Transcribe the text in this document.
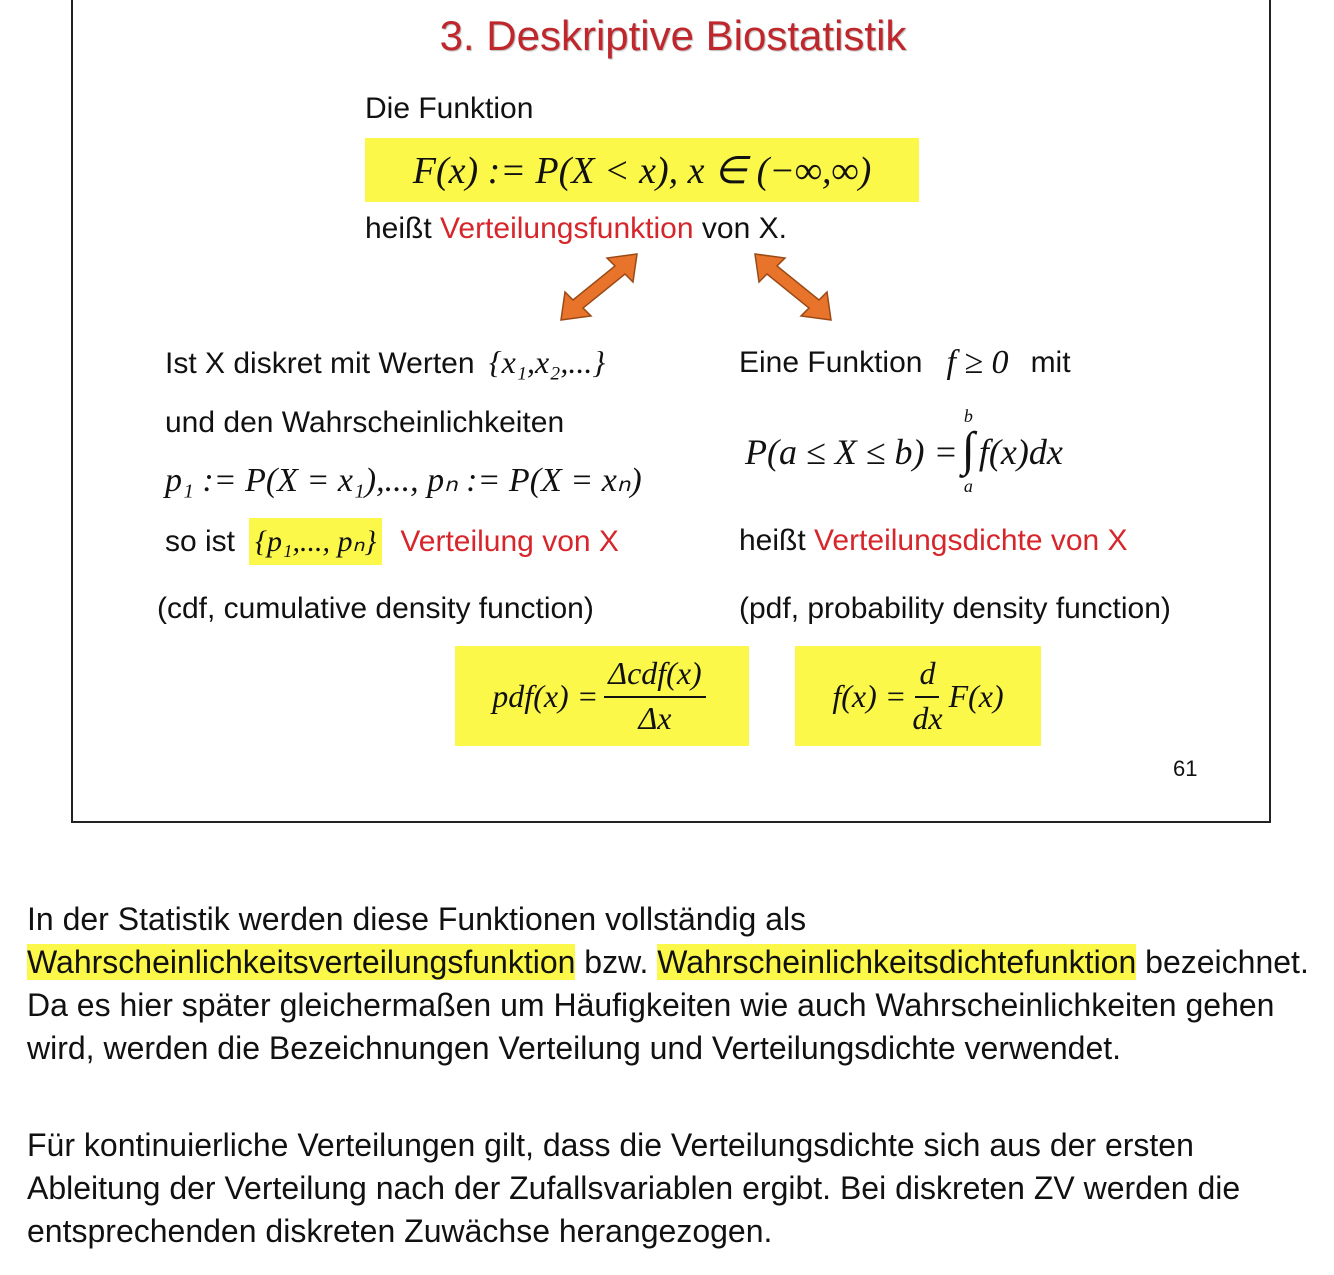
3. Deskriptive Biostatistik
Die Funktion
F(x) := P(X < x), x ∈ (−∞,∞)
heißt Verteilungsfunktion von X.
Ist X diskret mit Werten {x₁,x₂,...}
und den Wahrscheinlichkeiten
p₁ := P(X = x₁),..., pₙ := P(X = xₙ)
so ist {p₁,..., pₙ} Verteilung von X
(cdf, cumulative density function)
Eine Funktion f ≥ 0 mit
P(a ≤ X ≤ b) =
b
∫
a
f(x)dx
heißt Verteilungsdichte von X
(pdf, probability density function)
$pdf(x) = \frac{\text{Δcdf(x)}}{\Delta x}$	$f(x) = \frac{d}{dx} F(x)$
61

In der Statistik werden diese Funktionen vollständig als Wahrscheinlichkeitsverteilungsfunktion bzw. Wahrscheinlichkeitsdichtefunktion bezeichnet. Da es hier später gleichermaßen um Häufigkeiten wie auch Wahrscheinlichkeiten gehen wird, werden die Bezeichnungen Verteilung und Verteilungsdichte verwendet.

Für kontinuierliche Verteilungen gilt, dass die Verteilungsdichte sich aus der ersten Ableitung der Verteilung nach der Zufallsvariablen ergibt. Bei diskreten ZV werden die entsprechenden diskreten Zuwächse herangezogen.
